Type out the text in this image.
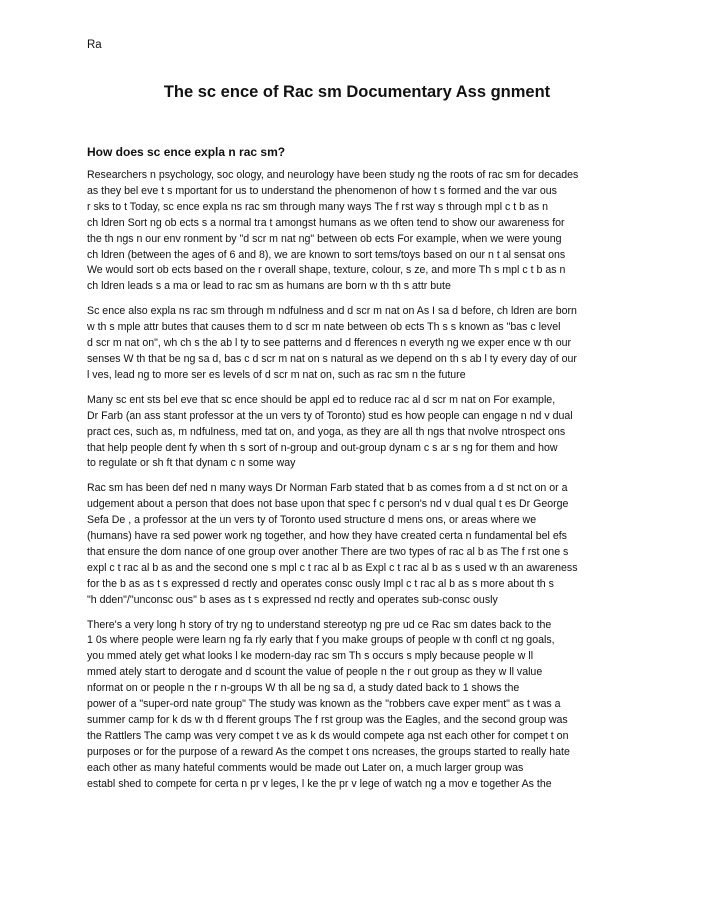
Ra
The sc ence of Rac sm Documentary Ass gnment
How does sc ence expla n rac sm?
Researchers n psychology, soc ology, and neurology have been study ng the roots of rac sm for decades
as they bel eve t s mportant for us to understand the phenomenon of how t s formed and the var ous
r sks to t Today, sc ence expla ns rac sm through many ways The f rst way s through mpl c t b as n
ch ldren Sort ng ob ects s a normal tra t amongst humans as we often tend to show our awareness for
the th ngs n our env ronment by "d scr m nat ng" between ob ects For example, when we were young
ch ldren (between the ages of 6 and 8), we are known to sort tems/toys based on our n t al sensat ons
We would sort ob ects based on the r overall shape, texture, colour, s ze, and more Th s mpl c t b as n
ch ldren leads s a ma or lead to rac sm as humans are born w th th s attr bute
Sc ence also expla ns rac sm through m ndfulness and d scr m nat on As I sa d before, ch ldren are born
w th s mple attr butes that causes them to d scr m nate between ob ects Th s s known as "bas c level
d scr m nat on", wh ch s the ab l ty to see patterns and d fferences n everyth ng we exper ence w th our
senses W th that be ng sa d, bas c d scr m nat on s natural as we depend on th s ab l ty every day of our
l ves, lead ng to more ser es levels of d scr m nat on, such as rac sm n the future
Many sc ent sts bel eve that sc ence should be appl ed to reduce rac al d scr m nat on For example,
Dr Farb (an ass stant professor at the un vers ty of Toronto) stud es how people can engage n nd v dual
pract ces, such as, m ndfulness, med tat on, and yoga, as they are all th ngs that nvolve ntrospect ons
that help people dent fy when th s sort of n-group and out-group dynam c s ar s ng for them and how
to regulate or sh ft that dynam c n some way
Rac sm has been def ned n many ways Dr Norman Farb stated that b as comes from a d st nct on or a
udgement about a person that does not base upon that spec f c person's nd v dual qual t es Dr George
Sefa De , a professor at the un vers ty of Toronto used structure d mens ons, or areas where we
(humans) have ra sed power work ng together, and how they have created certa n fundamental bel efs
that ensure the dom nance of one group over another There are two types of rac al b as The f rst one s
expl c t rac al b as and the second one s mpl c t rac al b as Expl c t rac al b as s used w th an awareness
for the b as as t s expressed d rectly and operates consc ously Impl c t rac al b as s more about th s
"h dden"/"unconsc ous" b ases as t s expressed nd rectly and operates sub-consc ously
There's a very long h story of try ng to understand stereotyp ng pre ud ce Rac sm dates back to the
1 0s where people were learn ng fa rly early that f you make groups of people w th confl ct ng goals,
you mmed ately get what looks l ke modern-day rac sm Th s occurs s mply because people w ll
mmed ately start to derogate and d scount the value of people n the r out group as they w ll value
nformat on or people n the r n-groups W th all be ng sa d, a study dated back to 1 shows the
power of a "super-ord nate group" The study was known as the "robbers cave exper ment" as t was a
summer camp for k ds w th d fferent groups The f rst group was the Eagles, and the second group was
the Rattlers The camp was very compet t ve as k ds would compete aga nst each other for compet t on
purposes or for the purpose of a reward As the compet t ons ncreases, the groups started to really hate
each other as many hateful comments would be made out Later on, a much larger group was
establ shed to compete for certa n pr v leges, l ke the pr v lege of watch ng a mov e together As the
